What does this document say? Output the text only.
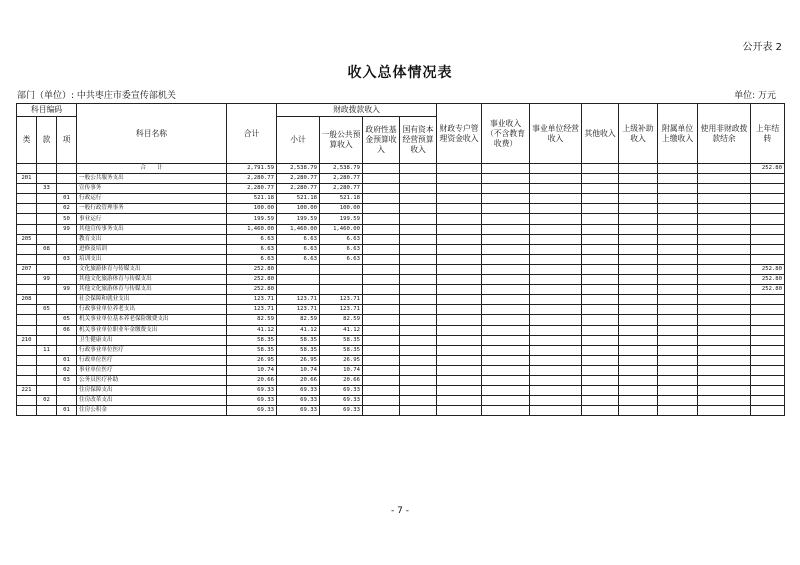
公开表 2
收入总体情况表
部门（单位）: 中共枣庄市委宣传部机关	单位: 万元
科目编码			科目名称	合计	财政拨款收入				财政专户管理资金收入	事业收入（不含教育收费）	事业单位经营收入	其他收入	上级补助收入	附属单位上缴收入	使用非财政拨款结余	上年结转
类	款	项			小计	一般公共预算收入	政府性基金预算收入	国有资本经营预算收入								
			合　　计	2,791.59	2,538.79	2,538.79										252.80
201			一般公共服务支出	2,280.77	2,280.77	2,280.77										
	33		宣传事务	2,280.77	2,280.77	2,280.77										
		01	行政运行	521.18	521.18	521.18										
		02	一般行政管理事务	100.00	100.00	100.00										
		50	事业运行	199.59	199.59	199.59										
		99	其他宣传事务支出	1,460.00	1,460.00	1,460.00										
205			教育支出	6.63	6.63	6.63										
	08		进修及培训	6.63	6.63	6.63										
		03	培训支出	6.63	6.63	6.63										
207			文化旅游体育与传媒支出	252.80												252.80
	99		其他文化旅游体育与传媒支出	252.80												252.80
		99	其他文化旅游体育与传媒支出	252.80												252.80
208			社会保障和就业支出	123.71	123.71	123.71										
	05		行政事业单位养老支出	123.71	123.71	123.71										
		05	机关事业单位基本养老保险缴费支出	82.59	82.59	82.59										
		06	机关事业单位职业年金缴费支出	41.12	41.12	41.12										
210			卫生健康支出	58.35	58.35	58.35										
	11		行政事业单位医疗	58.35	58.35	58.35										
		01	行政单位医疗	26.95	26.95	26.95										
		02	事业单位医疗	10.74	10.74	10.74										
		03	公务员医疗补助	20.66	20.66	20.66										
221			住房保障支出	69.33	69.33	69.33										
	02		住房改革支出	69.33	69.33	69.33										
		01	住房公积金	69.33	69.33	69.33										
- 7 -
